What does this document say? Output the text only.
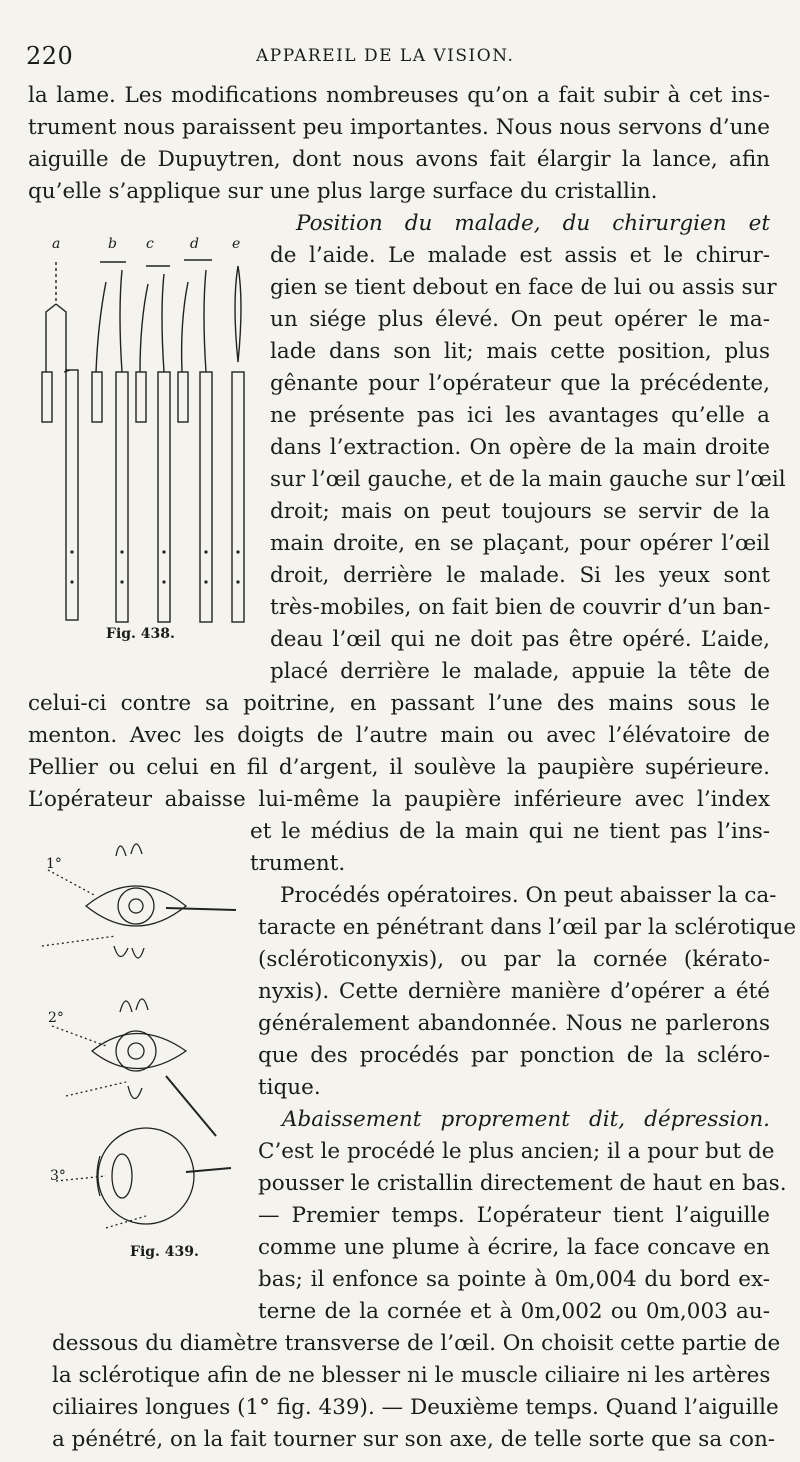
220	APPAREIL DE LA VISION.
la lame. Les modifications nombreuses qu’on a fait subir à cet ins-
trument nous paraissent peu importantes. Nous nous servons d’une
aiguille de Dupuytren, dont nous avons fait élargir la lance, afin
qu’elle s’applique sur une plus large surface du cristallin.
Position du malade, du chirurgien et
de l’aide. Le malade est assis et le chirur-
gien se tient debout en face de lui ou assis sur
un siége plus élevé. On peut opérer le ma-
lade dans son lit; mais cette position, plus
gênante pour l’opérateur que la précédente,
ne présente pas ici les avantages qu’elle a
dans l’extraction. On opère de la main droite
sur l’œil gauche, et de la main gauche sur l’œil
droit; mais on peut toujours se servir de la
main droite, en se plaçant, pour opérer l’œil
droit, derrière le malade. Si les yeux sont
très-mobiles, on fait bien de couvrir d’un ban-
deau l’œil qui ne doit pas être opéré. L’aide,
placé derrière le malade, appuie la tête de
celui-ci contre sa poitrine, en passant l’une des mains sous le
menton. Avec les doigts de l’autre main ou avec l’élévatoire de
Pellier ou celui en fil d’argent, il soulève la paupière supérieure.
L’opérateur abaisse lui-même la paupière inférieure avec l’index
et le médius de la main qui ne tient pas l’ins-
trument.
Procédés opératoires. On peut abaisser la ca-
taracte en pénétrant dans l’œil par la sclérotique
(scléroticonyxis), ou par la cornée (kérato-
nyxis). Cette dernière manière d’opérer a été
généralement abandonnée. Nous ne parlerons
que des procédés par ponction de la scléro-
tique.
Abaissement proprement dit, dépression.
C’est le procédé le plus ancien; il a pour but de
pousser le cristallin directement de haut en bas.
— Premier temps. L’opérateur tient l’aiguille
comme une plume à écrire, la face concave en
bas; il enfonce sa pointe à 0m,004 du bord ex-
terne de la cornée et à 0m,002 ou 0m,003 au-
dessous du diamètre transverse de l’œil. On choisit cette partie de
la sclérotique afin de ne blesser ni le muscle ciliaire ni les artères
ciliaires longues (1° fig. 439). — Deuxième temps. Quand l’aiguille
a pénétré, on la fait tourner sur son axe, de telle sorte que sa con-
a	b c	d e
Fig. 438.
1°
2°
3°
Fig. 439.
